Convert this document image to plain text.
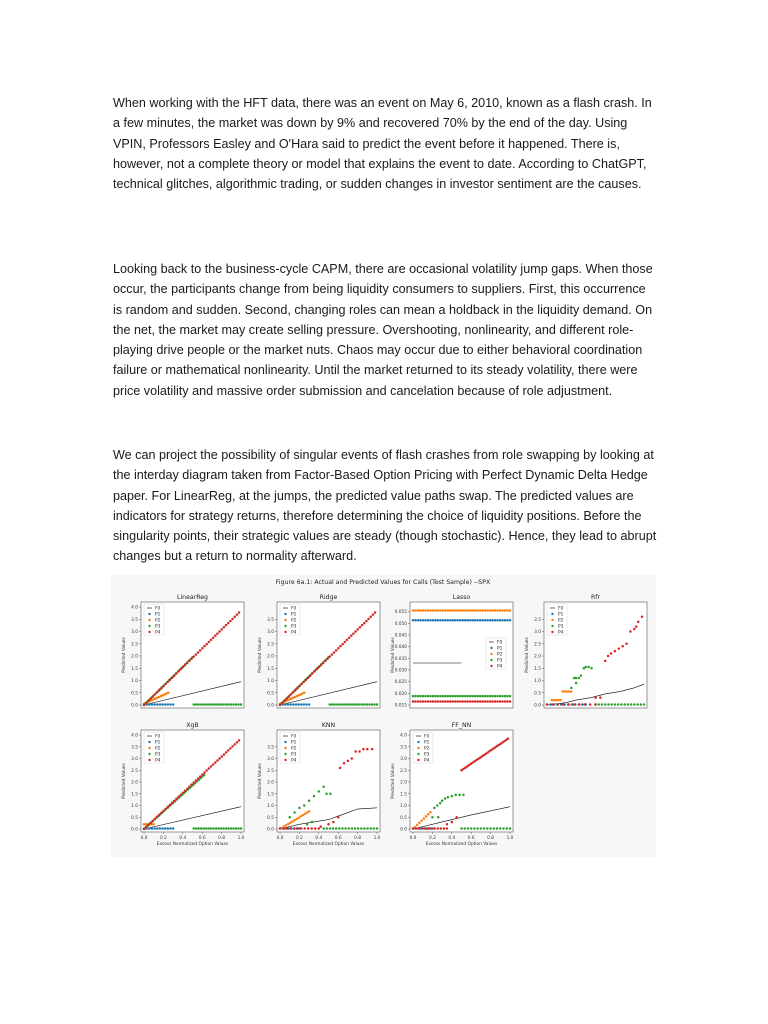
When working with the HFT data, there was an event on May 6, 2010, known as a flash crash. In a few minutes, the market was down by 9% and recovered 70% by the end of the day. Using VPIN, Professors Easley and O'Hara said to predict the event before it happened. There is, however, not a complete theory or model that explains the event to date. According to ChatGPT, technical glitches, algorithmic trading, or sudden changes in investor sentiment are the causes.

Looking back to the business-cycle CAPM, there are occasional volatility jump gaps. When those occur, the participants change from being liquidity consumers to suppliers. First, this occurrence is random and sudden. Second, changing roles can mean a holdback in the liquidity demand. On the net, the market may create selling pressure. Overshooting, nonlinearity, and different role-playing drive people or the market nuts. Chaos may occur due to either behavioral coordination failure or mathematical nonlinearity. Until the market returned to its steady volatility, there were price volatility and massive order submission and cancelation because of role adjustment.

We can project the possibility of singular events of flash crashes from role swapping by looking at the interday diagram taken from Factor-Based Option Pricing with Perfect Dynamic Delta Hedge paper. For LinearReg, at the jumps, the predicted value paths swap. The predicted values are indicators for strategy returns, therefore determining the choice of liquidity positions. Before the singularity points, their strategic values are steady (though stochastic). Hence, they lead to abrupt changes but a return to normality afterward.

Figure 6a.1: Actual and Predicted Values for Calls (Test Sample) --SPX
LinearReg
0.0
0.5
1.0
1.5
2.0
2.5
3.0
3.5
4.0
Predicted Values
F0
P1
P2
P3
P4
Ridge
0.0
0.5
1.0
1.5
2.0
2.5
3.0
3.5
Predicted Values
F0
P1
P2
P3
P4
Lasso
0.015
0.020
0.025
0.030
0.035
0.040
0.045
0.050
0.055
Predicted Values	F0
P1
P2
P3
P4
Rfr
0.0
0.5
1.0
1.5
2.0
2.5
3.0
3.5
Predicted Values
F0
P1
P2
P3
P4
XgB
0.0
0.5
1.0
1.5
2.0
2.5
3.0
3.5
4.0
0.0	0.2	0.4	0.6	0.8	1.0
Predicted Values
Excess Normalized Option Values
F0
P1
P2
P3
P4
KNN
0.0
0.5
1.0
1.5
2.0
2.5
3.0
3.5
0.0	0.2	0.4	0.6	0.8	1.0
Predicted Values
Excess Normalized Option Values
F0
P1
P2
P3
P4
FF_NN
0.0
0.5
1.0
1.5
2.0
2.5
3.0
3.5
4.0
0.0	0.2	0.4	0.6	0.8	1.0
Predicted Values
Excess Normalized Option Values
F0
P1
P2
P3
P4
